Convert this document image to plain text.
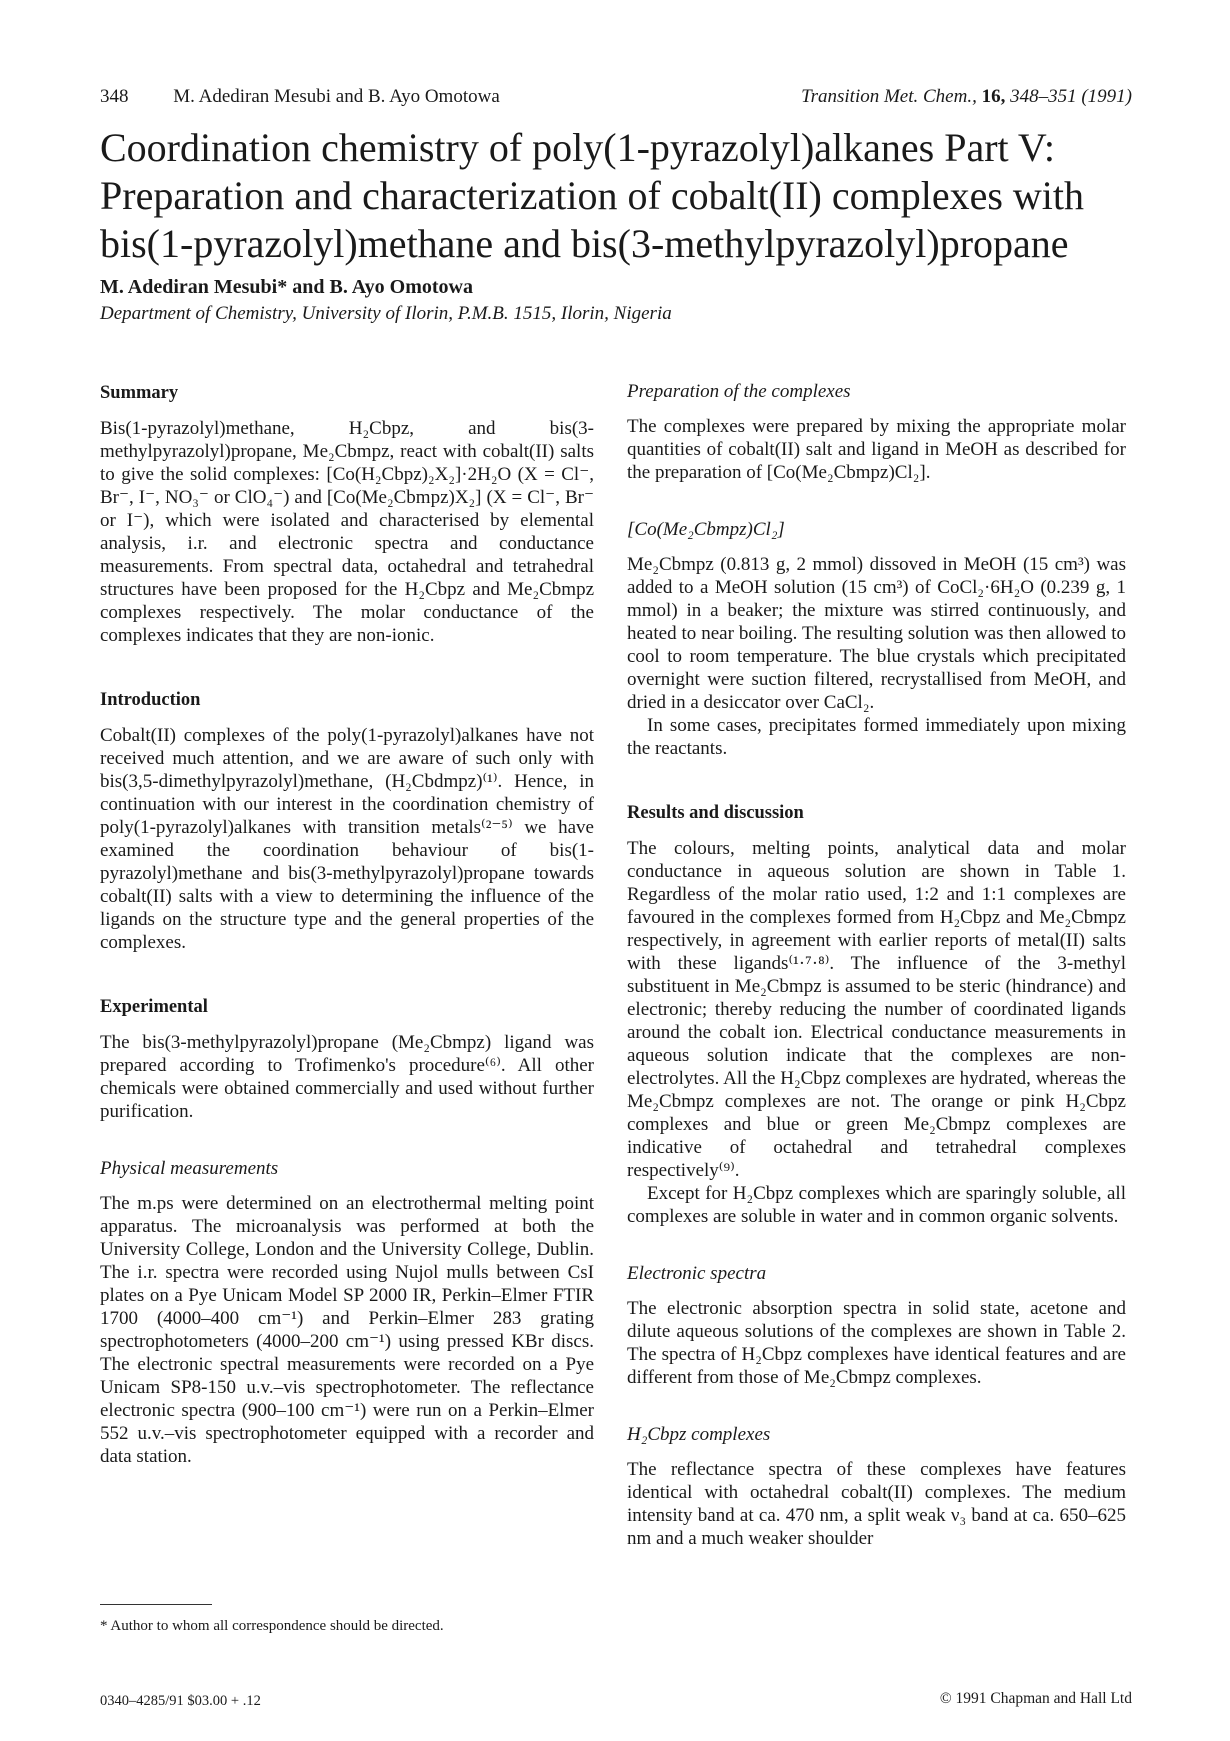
348 M. Adediran Mesubi and B. Ayo Omotowa	Transition Met. Chem., 16, 348–351 (1991)
Coordination chemistry of poly(1-pyrazolyl)alkanes Part V: Preparation and characterization of cobalt(II) complexes with bis(1-pyrazolyl)methane and bis(3-methylpyrazolyl)propane
M. Adediran Mesubi* and B. Ayo Omotowa
Department of Chemistry, University of Ilorin, P.M.B. 1515, Ilorin, Nigeria
Summary

Bis(1-pyrazolyl)methane, H₂Cbpz, and bis(3-methylpyrazolyl)propane, Me₂Cbmpz, react with cobalt(II) salts to give the solid complexes: [Co(H₂Cbpz)₂X₂]·2H₂O (X = Cl⁻, Br⁻, I⁻, NO₃⁻ or ClO₄⁻) and [Co(Me₂Cbmpz)X₂] (X = Cl⁻, Br⁻ or I⁻), which were isolated and characterised by elemental analysis, i.r. and electronic spectra and conductance measurements. From spectral data, octahedral and tetrahedral structures have been proposed for the H₂Cbpz and Me₂Cbmpz complexes respectively. The molar conductance of the complexes indicates that they are non-ionic.

Introduction

Cobalt(II) complexes of the poly(1-pyrazolyl)alkanes have not received much attention, and we are aware of such only with bis(3,5-dimethylpyrazolyl)methane, (H₂Cbdmpz)⁽¹⁾. Hence, in continuation with our interest in the coordination chemistry of poly(1-pyrazolyl)alkanes with transition metals⁽²⁻⁵⁾ we have examined the coordination behaviour of bis(1-pyrazolyl)methane and bis(3-methylpyrazolyl)propane towards cobalt(II) salts with a view to determining the influence of the ligands on the structure type and the general properties of the complexes.

Experimental

The bis(3-methylpyrazolyl)propane (Me₂Cbmpz) ligand was prepared according to Trofimenko's procedure⁽⁶⁾. All other chemicals were obtained commercially and used without further purification.

Physical measurements

The m.ps were determined on an electrothermal melting point apparatus. The microanalysis was performed at both the University College, London and the University College, Dublin. The i.r. spectra were recorded using Nujol mulls between CsI plates on a Pye Unicam Model SP 2000 IR, Perkin–Elmer FTIR 1700 (4000–400 cm⁻¹) and Perkin–Elmer 283 grating spectrophotometers (4000–200 cm⁻¹) using pressed KBr discs. The electronic spectral measurements were recorded on a Pye Unicam SP8-150 u.v.–vis spectrophotometer. The reflectance electronic spectra (900–100 cm⁻¹) were run on a Perkin–Elmer 552 u.v.–vis spectrophotometer equipped with a recorder and data station.

* Author to whom all correspondence should be directed.
Preparation of the complexes

The complexes were prepared by mixing the appropriate molar quantities of cobalt(II) salt and ligand in MeOH as described for the preparation of [Co(Me₂Cbmpz)Cl₂].

[Co(Me₂Cbmpz)Cl₂]

Me₂Cbmpz (0.813 g, 2 mmol) dissoved in MeOH (15 cm³) was added to a MeOH solution (15 cm³) of CoCl₂·6H₂O (0.239 g, 1 mmol) in a beaker; the mixture was stirred continuously, and heated to near boiling. The resulting solution was then allowed to cool to room temperature. The blue crystals which precipitated overnight were suction filtered, recrystallised from MeOH, and dried in a desiccator over CaCl₂.

In some cases, precipitates formed immediately upon mixing the reactants.

Results and discussion

The colours, melting points, analytical data and molar conductance in aqueous solution are shown in Table 1. Regardless of the molar ratio used, 1:2 and 1:1 complexes are favoured in the complexes formed from H₂Cbpz and Me₂Cbmpz respectively, in agreement with earlier reports of metal(II) salts with these ligands⁽¹·⁷·⁸⁾. The influence of the 3-methyl substituent in Me₂Cbmpz is assumed to be steric (hindrance) and electronic; thereby reducing the number of coordinated ligands around the cobalt ion. Electrical conductance measurements in aqueous solution indicate that the complexes are non-electrolytes. All the H₂Cbpz complexes are hydrated, whereas the Me₂Cbmpz complexes are not. The orange or pink H₂Cbpz complexes and blue or green Me₂Cbmpz complexes are indicative of octahedral and tetrahedral complexes respectively⁽⁹⁾.

Except for H₂Cbpz complexes which are sparingly soluble, all complexes are soluble in water and in common organic solvents.

Electronic spectra

The electronic absorption spectra in solid state, acetone and dilute aqueous solutions of the complexes are shown in Table 2. The spectra of H₂Cbpz complexes have identical features and are different from those of Me₂Cbmpz complexes.

H₂Cbpz complexes

The reflectance spectra of these complexes have features identical with octahedral cobalt(II) complexes. The medium intensity band at ca. 470 nm, a split weak ν₃ band at ca. 650–625 nm and a much weaker shoulder

0340–4285/91 $03.00 + .12	© 1991 Chapman and Hall Ltd
